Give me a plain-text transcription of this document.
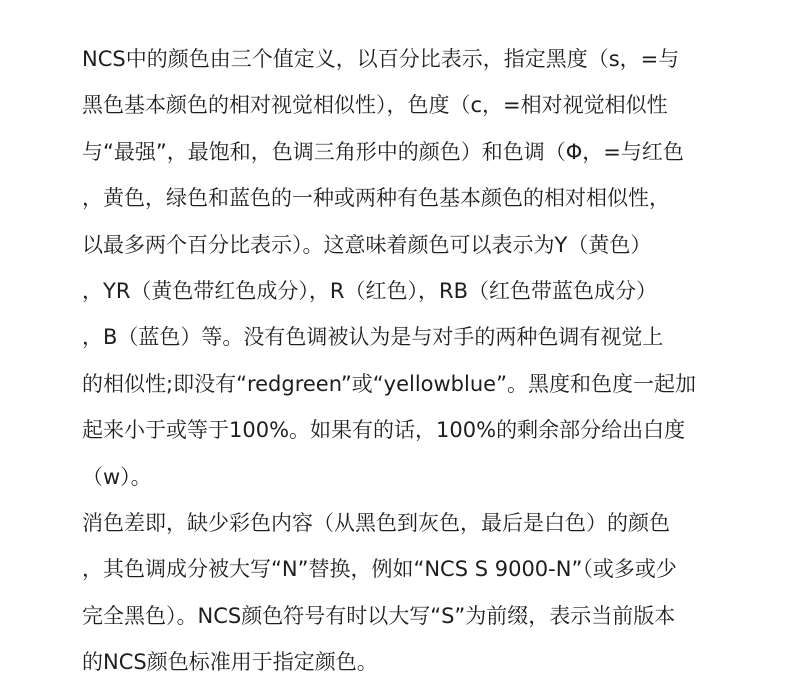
NCS中的颜色由三个值定义，以百分比表示，指定黑度（s，=与
黑色基本颜色的相对视觉相似性），色度（c，=相对视觉相似性
与“最强”，最饱和，色调三角形中的颜色）和色调（Φ，=与红色
，黄色，绿色和蓝色的一种或两种有色基本颜色的相对相似性，
以最多两个百分比表示）。这意味着颜色可以表示为Y（黄色）
，YR（黄色带红色成分），R（红色），RB（红色带蓝色成分）
，B（蓝色）等。没有色调被认为是与对手的两种色调有视觉上
的相似性;即没有“redgreen”或“yellowblue”。黑度和色度一起加
起来小于或等于100%。如果有的话，100%的剩余部分给出白度
（w）。
消色差即，缺少彩色内容（从黑色到灰色，最后是白色）的颜色
，其色调成分被大写“N”替换，例如“NCS S 9000-N”（或多或少
完全黑色）。NCS颜色符号有时以大写“S”为前缀，表示当前版本
的NCS颜色标准用于指定颜色。
